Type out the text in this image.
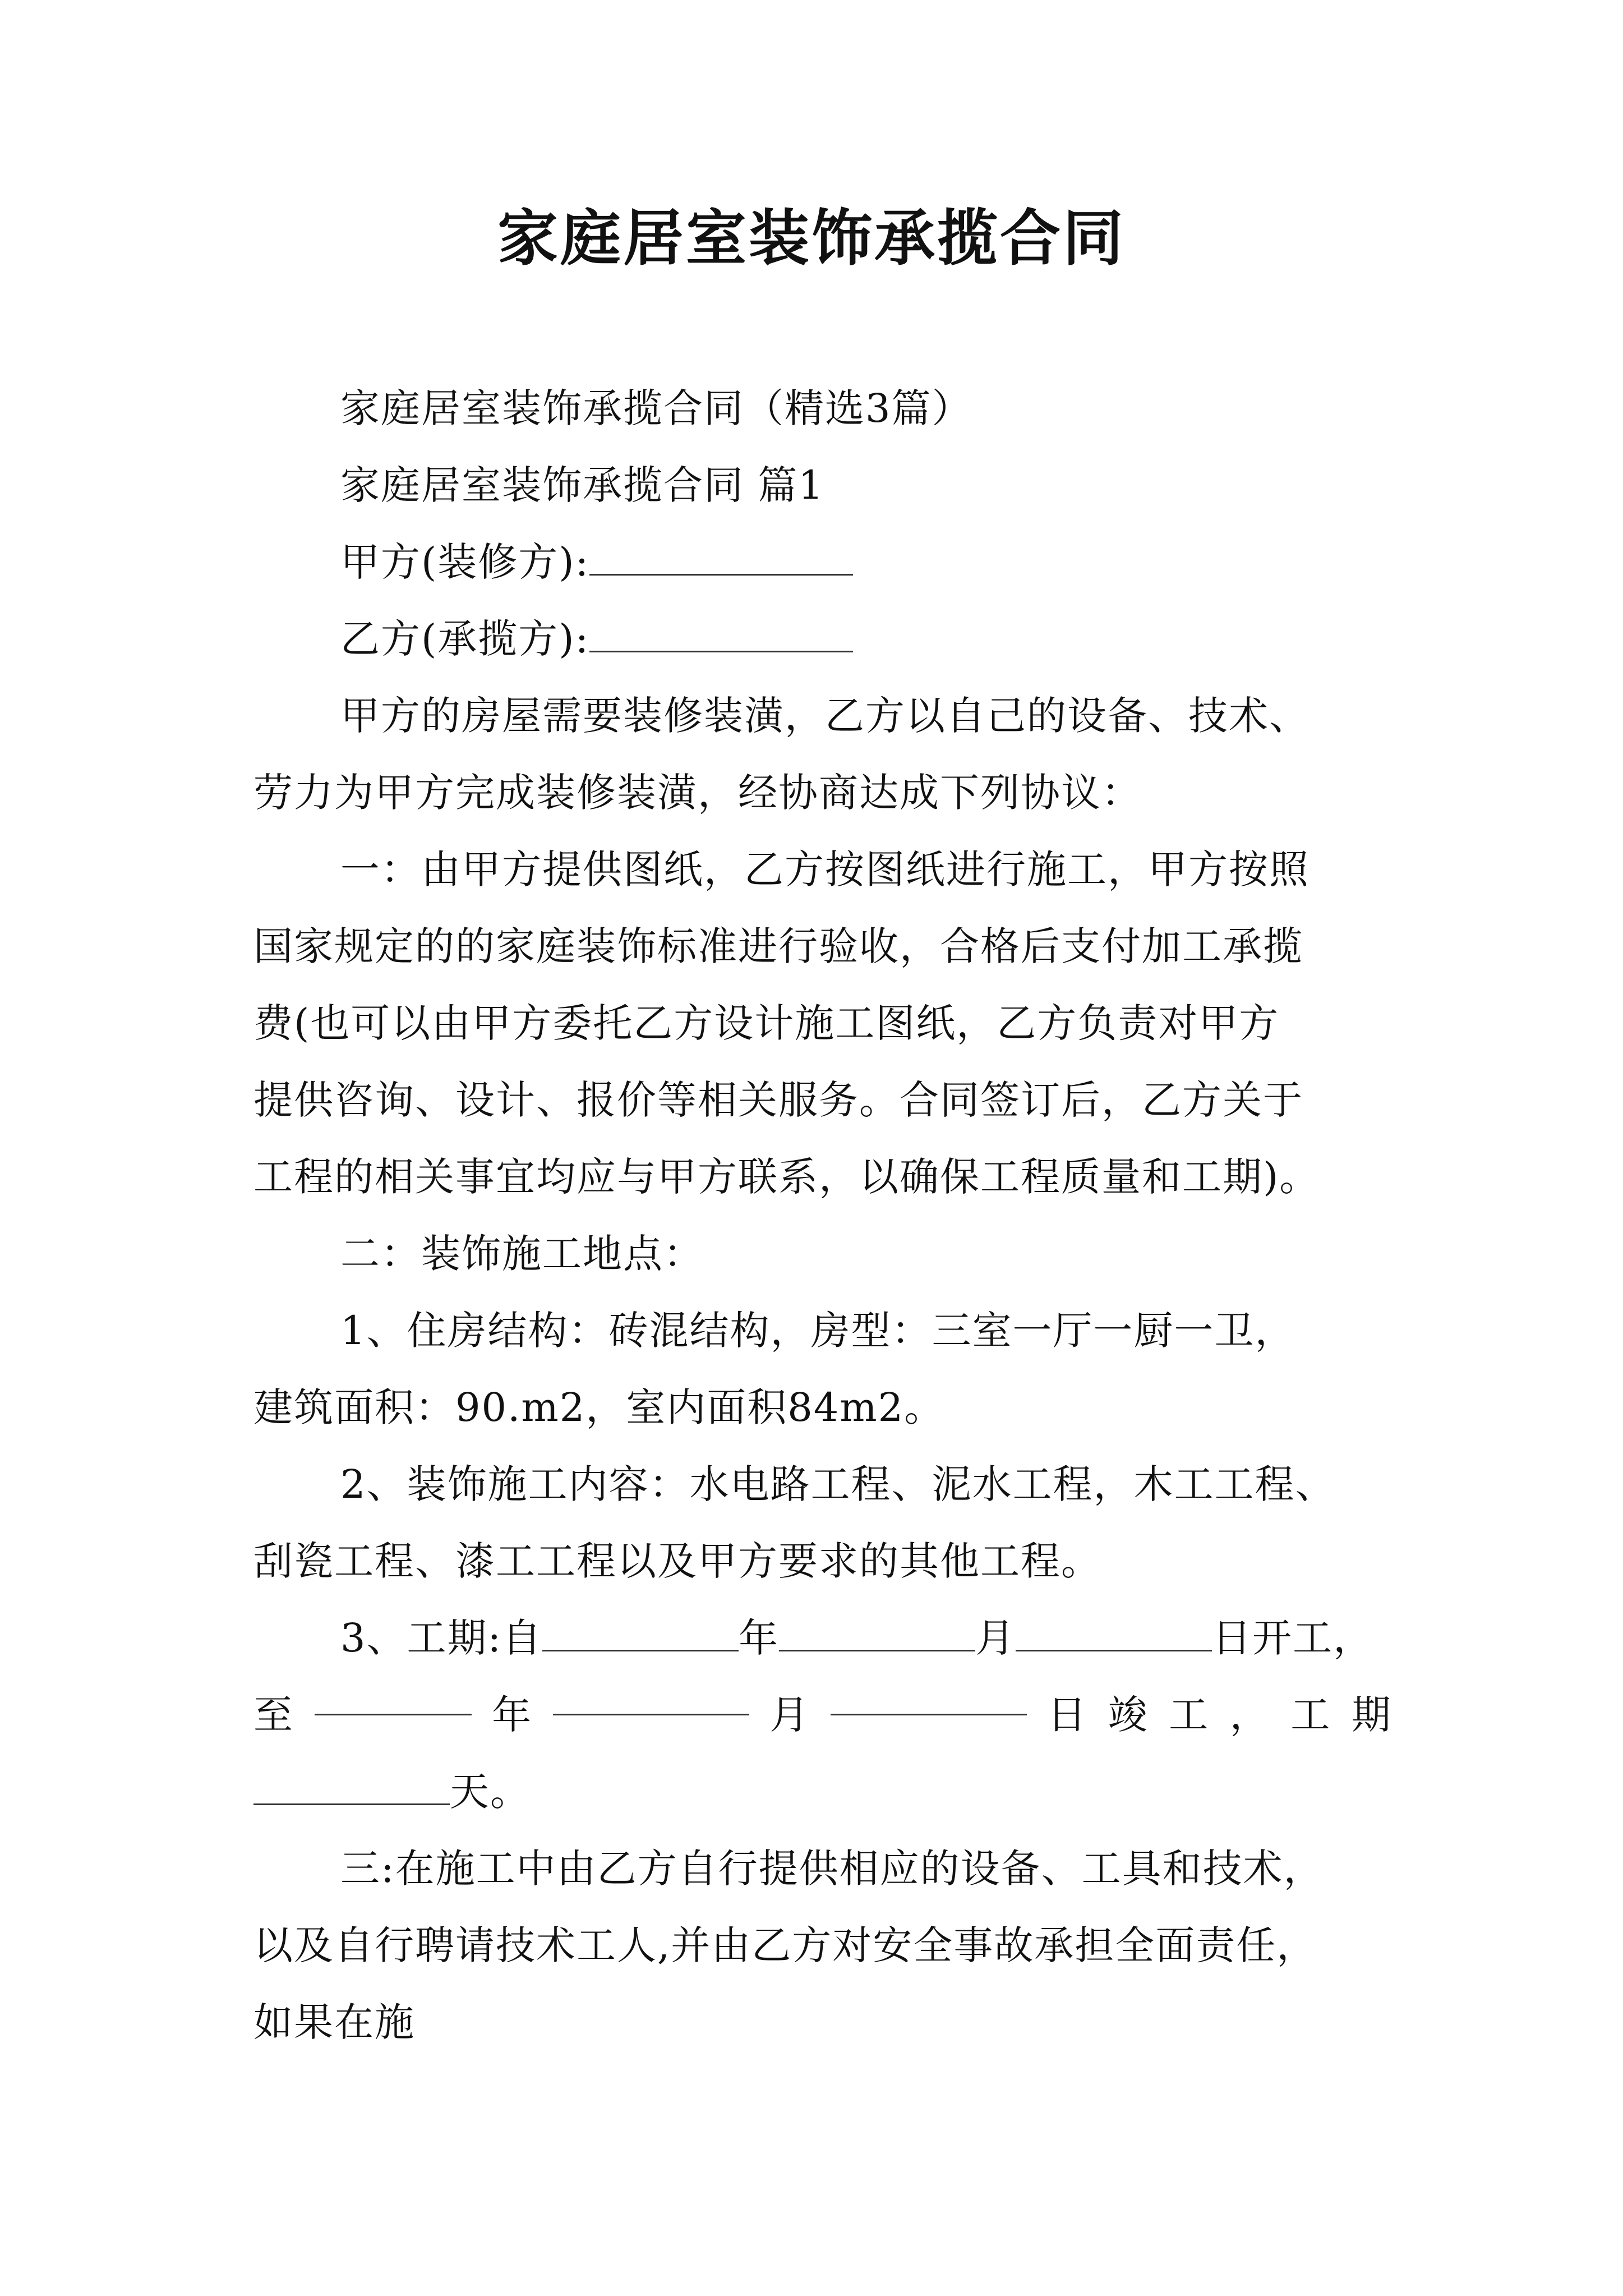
家庭居室装饰承揽合同
家庭居室装饰承揽合同（精选3篇）
家庭居室装饰承揽合同 篇1
甲方(装修方):
乙方(承揽方):
甲方的房屋需要装修装潢，乙方以自己的设备、技术、
劳力为甲方完成装修装潢，经协商达成下列协议：
一：由甲方提供图纸，乙方按图纸进行施工，甲方按照
国家规定的的家庭装饰标准进行验收，合格后支付加工承揽
费(也可以由甲方委托乙方设计施工图纸，乙方负责对甲方
提供咨询、设计、报价等相关服务。合同签订后，乙方关于
工程的相关事宜均应与甲方联系，以确保工程质量和工期)。
二：装饰施工地点：
1、住房结构：砖混结构，房型：三室一厅一厨一卫，
建筑面积：90.m2，室内面积84m2。
2、装饰施工内容：水电路工程、泥水工程，木工工程、
刮瓷工程、漆工工程以及甲方要求的其他工程。
3、工期:自	年	月	日开工，
至	年	月	日 竣 工 ， 工 期
天。
三:在施工中由乙方自行提供相应的设备、工具和技术，
以及自行聘请技术工人,并由乙方对安全事故承担全面责任，
如果在施
